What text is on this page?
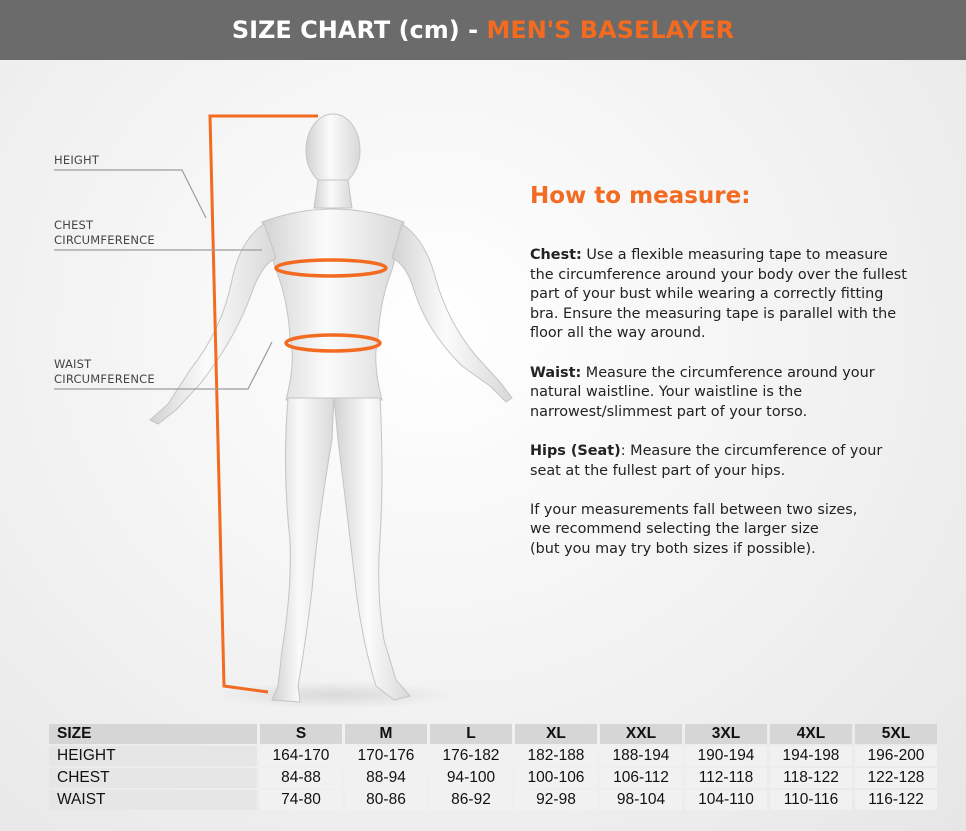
SIZE CHART (cm) - MEN'S BASELAYER
HEIGHT
CHEST
CIRCUMFERENCE
WAIST
CIRCUMFERENCE
How to measure:

Chest: Use a flexible measuring tape to measure the circumference around your body over the fullest part of your bust while wearing a correctly fitting bra. Ensure the measuring tape is parallel with the floor all the way around.

Waist: Measure the circumference around your natural waistline. Your waistline is the narrowest/slimmest part of your torso.

Hips (Seat): Measure the circumference of your seat at the fullest part of your hips.

If your measurements fall between two sizes,
we recommend selecting the larger size
(but you may try both sizes if possible).

SIZE	S	M	L	XL	XXL	3XL	4XL	5XL
HEIGHT	164-170	170-176	176-182	182-188	188-194	190-194	194-198	196-200
CHEST	84-88	88-94	94-100	100-106	106-112	112-118	118-122	122-128
WAIST	74-80	80-86	86-92	92-98	98-104	104-110	110-116	116-122
